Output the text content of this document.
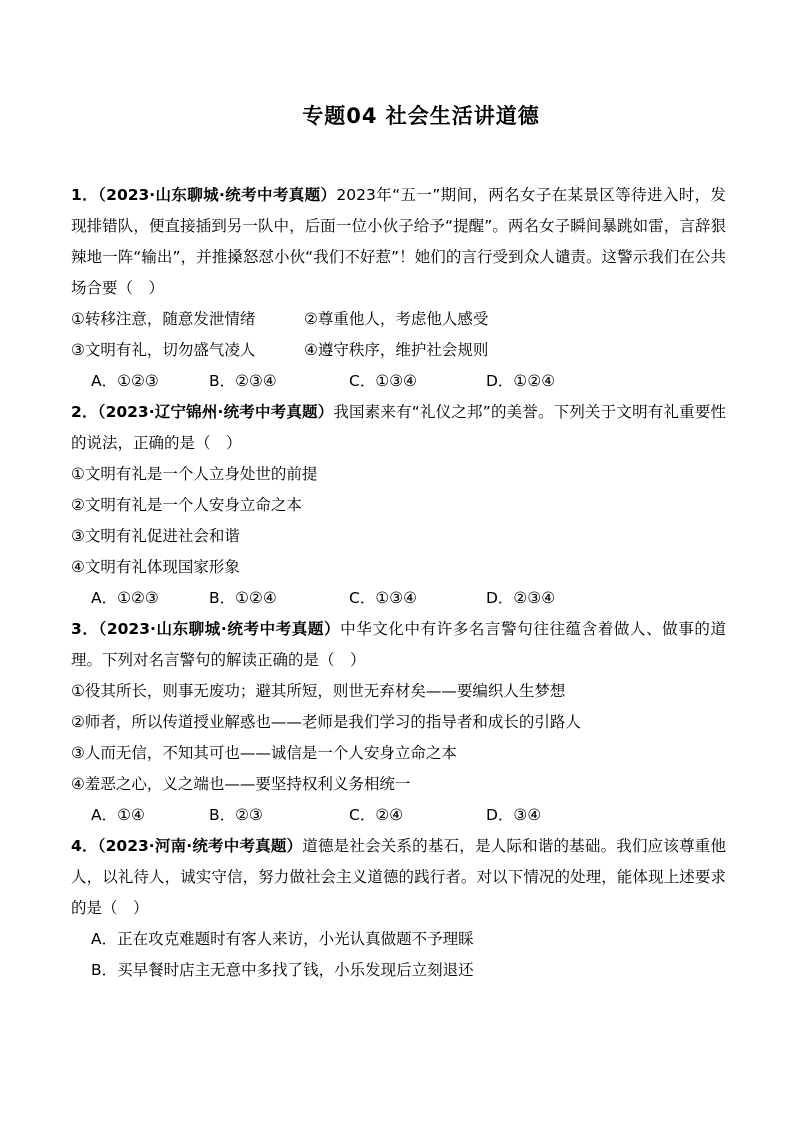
专题04 社会生活讲道德

1．（2023·山东聊城·统考中考真题）2023年“五一”期间，两名女子在某景区等待进入时，发现排错队，便直接插到另一队中，后面一位小伙子给予“提醒”。两名女子瞬间暴跳如雷，言辞狠辣地一阵“输出”，并推搡怒怼小伙“我们不好惹”！她们的言行受到众人谴责。这警示我们在公共场合要（　）

①转移注意，随意发泄情绪	②尊重他人，考虑他人感受
③文明有礼，切勿盛气凌人	④遵守秩序，维护社会规则
A．①②③	B．②③④	C．①③④	D．①②④

2．（2023·辽宁锦州·统考中考真题）我国素来有“礼仪之邦”的美誉。下列关于文明有礼重要性的说法，正确的是（　）

①文明有礼是一个人立身处世的前提

②文明有礼是一个人安身立命之本

③文明有礼促进社会和谐

④文明有礼体现国家形象

A．①②③	B．①②④	C．①③④	D．②③④

3．（2023·山东聊城·统考中考真题）中华文化中有许多名言警句往往蕴含着做人、做事的道理。下列对名言警句的解读正确的是（　）

①役其所长，则事无废功；避其所短，则世无弃材矣——要编织人生梦想

②师者，所以传道授业解惑也——老师是我们学习的指导者和成长的引路人

③人而无信，不知其可也——诚信是一个人安身立命之本

④羞恶之心，义之端也——要坚持权利义务相统一

A．①④	B．②③	C．②④	D．③④

4．（2023·河南·统考中考真题）道德是社会关系的基石，是人际和谐的基础。我们应该尊重他人，以礼待人，诚实守信，努力做社会主义道德的践行者。对以下情况的处理，能体现上述要求的是（　）

A．正在攻克难题时有客人来访，小光认真做题不予理睬

B．买早餐时店主无意中多找了钱，小乐发现后立刻退还
